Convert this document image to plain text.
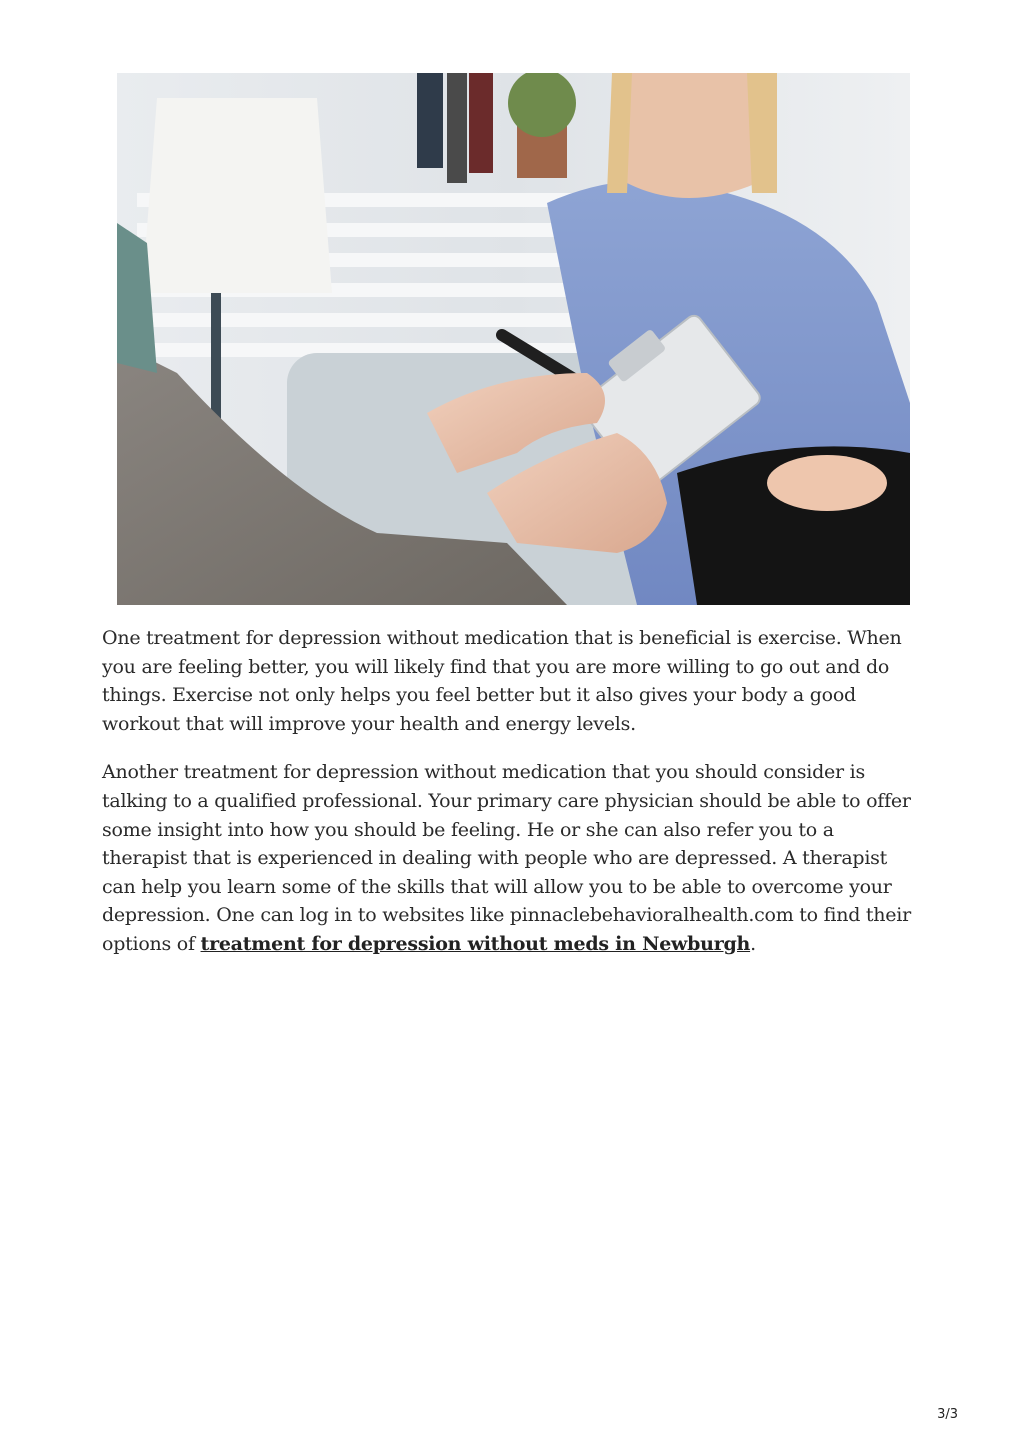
One treatment for depression without medication that is beneficial is exercise. When you are feeling better, you will likely find that you are more willing to go out and do things. Exercise not only helps you feel better but it also gives your body a good workout that will improve your health and energy levels.

Another treatment for depression without medication that you should consider is talking to a qualified professional. Your primary care physician should be able to offer some insight into how you should be feeling. He or she can also refer you to a therapist that is experienced in dealing with people who are depressed. A therapist can help you learn some of the skills that will allow you to be able to overcome your depression. One can log in to websites like pinnaclebehavioralhealth.com to find their options of treatment for depression without meds in Newburgh.

3/3
